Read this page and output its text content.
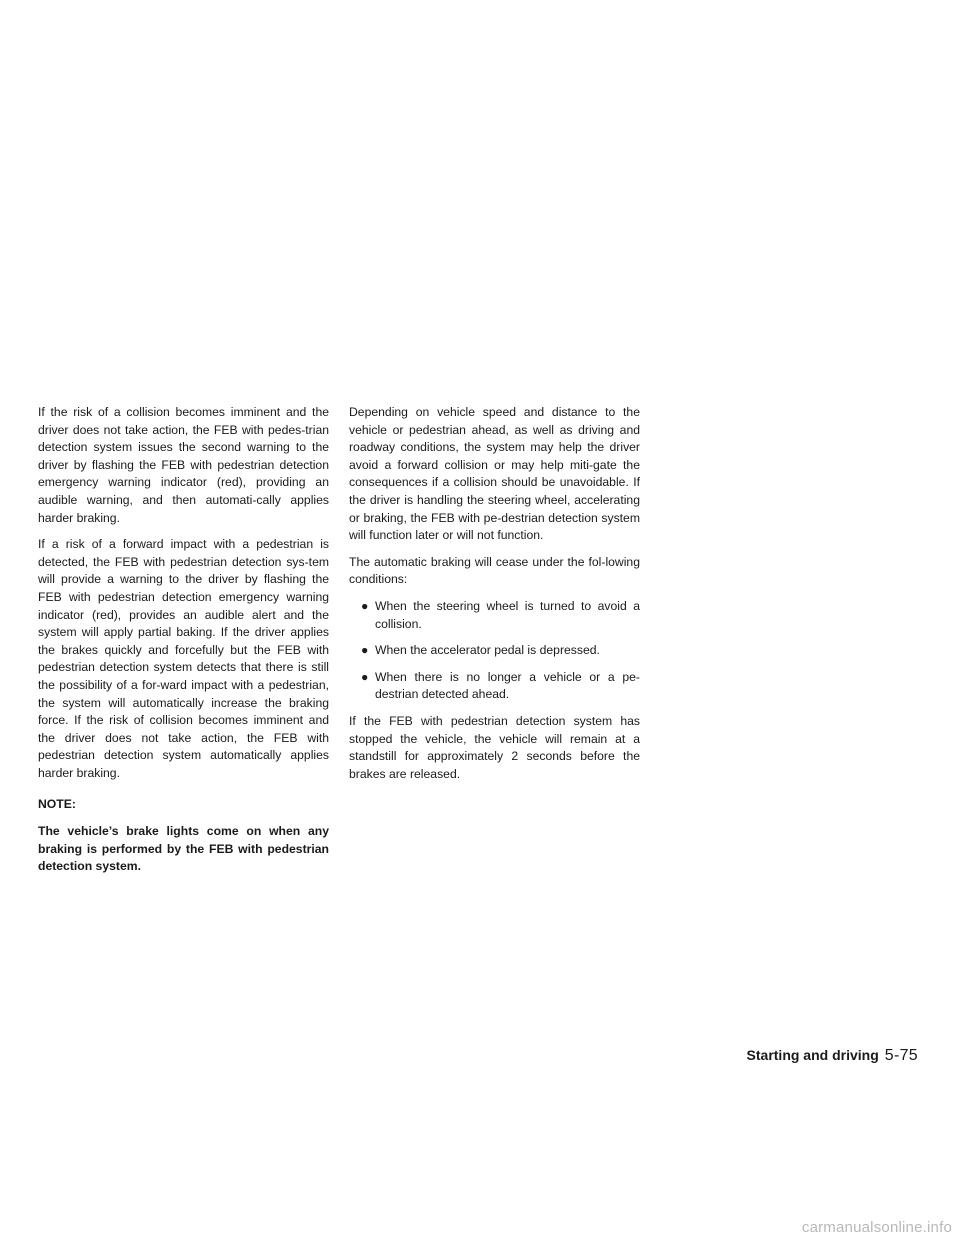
If the risk of a collision becomes imminent and the driver does not take action, the FEB with pedes-trian detection system issues the second warning to the driver by flashing the FEB with pedestrian detection emergency warning indicator (red), providing an audible warning, and then automati-cally applies harder braking.

If a risk of a forward impact with a pedestrian is detected, the FEB with pedestrian detection sys-tem will provide a warning to the driver by flashing the FEB with pedestrian detection emergency warning indicator (red), provides an audible alert and the system will apply partial baking. If the driver applies the brakes quickly and forcefully but the FEB with pedestrian detection system detects that there is still the possibility of a for-ward impact with a pedestrian, the system will automatically increase the braking force. If the risk of collision becomes imminent and the driver does not take action, the FEB with pedestrian detection system automatically applies harder braking.

NOTE:

The vehicle’s brake lights come on when any braking is performed by the FEB with pedestrian detection system.

Depending on vehicle speed and distance to the vehicle or pedestrian ahead, as well as driving and roadway conditions, the system may help the driver avoid a forward collision or may help miti-gate the consequences if a collision should be unavoidable. If the driver is handling the steering wheel, accelerating or braking, the FEB with pe-destrian detection system will function later or will not function.

The automatic braking will cease under the fol-lowing conditions:

● When the steering wheel is turned to avoid a collision.
● When the accelerator pedal is depressed.
● When there is no longer a vehicle or a pe-destrian detected ahead.

If the FEB with pedestrian detection system has stopped the vehicle, the vehicle will remain at a standstill for approximately 2 seconds before the brakes are released.

Starting and driving 5-75
carmanualsonline.info
